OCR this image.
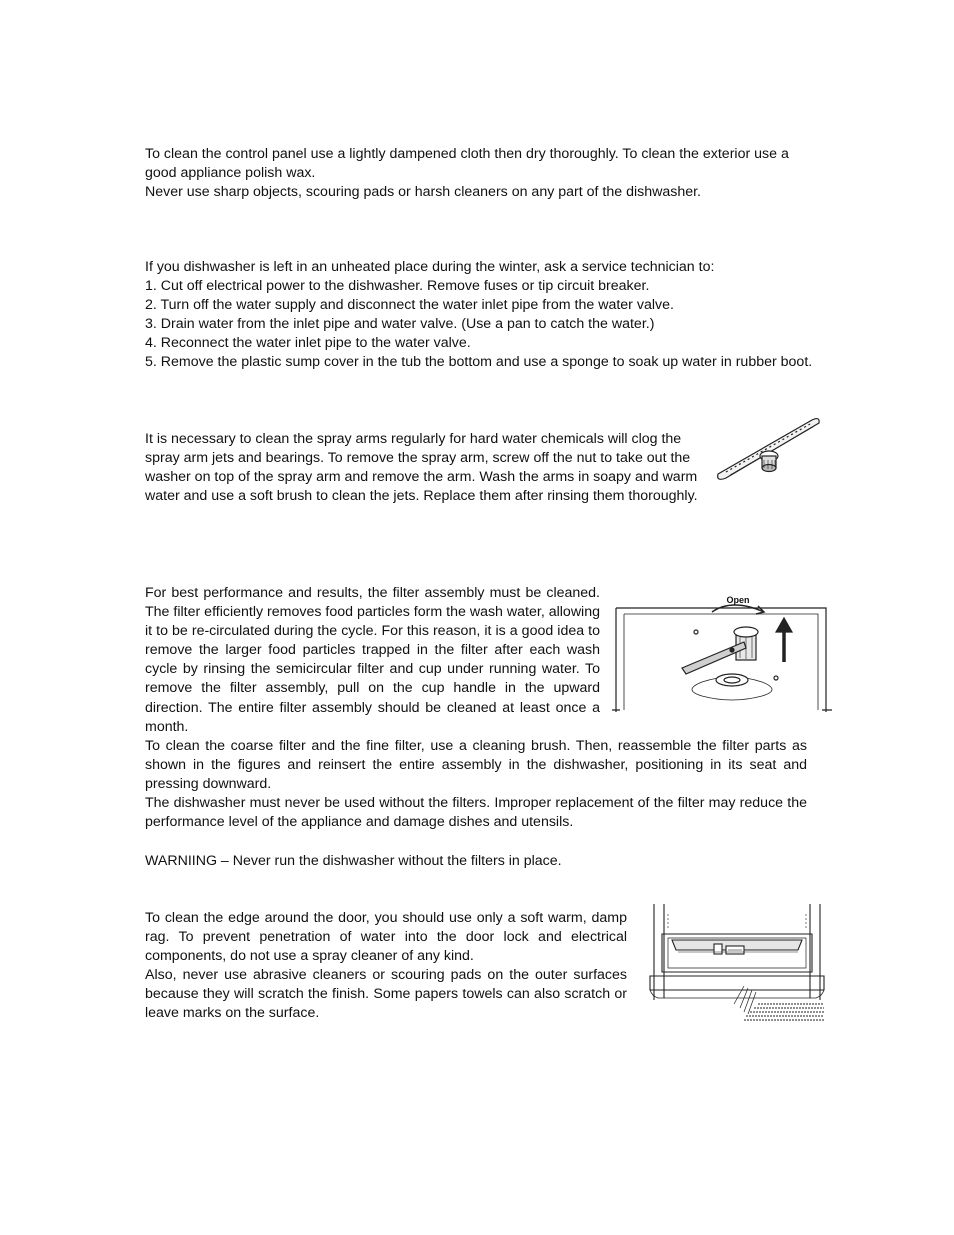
To clean the control panel use a lightly dampened cloth then dry thoroughly. To clean the exterior use a good appliance polish wax.

Never use sharp objects, scouring pads or harsh cleaners on any part of the dishwasher.

If you dishwasher is left in an unheated place during the winter, ask a service technician to:

1. Cut off electrical power to the dishwasher. Remove fuses or tip circuit breaker.

2. Turn off the water supply and disconnect the water inlet pipe from the water valve.

3. Drain water from the inlet pipe and water valve. (Use a pan to catch the water.)

4. Reconnect the water inlet pipe to the water valve.

5. Remove the plastic sump cover in the tub the bottom and use a sponge to soak up water in rubber boot.

It is necessary to clean the spray arms regularly for hard water chemicals will clog the spray arm jets and bearings. To remove the spray arm, screw off the nut to take out the washer on top of the spray arm and remove the arm. Wash the arms in soapy and warm water and use a soft brush to clean the jets. Replace them after rinsing them thoroughly.

For best performance and results, the filter assembly must be cleaned. The filter efficiently removes food particles form the wash water, allowing it to be re-circulated during the cycle. For this reason, it is a good idea to remove the larger food particles trapped in the filter after each wash cycle by rinsing the semicircular filter and cup under running water. To remove the filter assembly, pull on the cup handle in the upward direction. The entire filter assembly should be cleaned at least once a month.

Open

To clean the coarse filter and the fine filter, use a cleaning brush. Then, reassemble the filter parts as shown in the figures and reinsert the entire assembly in the dishwasher, positioning in its seat and pressing downward.

The dishwasher must never be used without the filters. Improper replacement of the filter may reduce the performance level of the appliance and damage dishes and utensils.

WARNIING – Never run the dishwasher without the filters in place.

To clean the edge around the door, you should use only a soft warm, damp rag. To prevent penetration of water into the door lock and electrical components, do not use a spray cleaner of any kind.

Also, never use abrasive cleaners or scouring pads on the outer surfaces because they will scratch the finish. Some papers towels can also scratch or leave marks on the surface.
